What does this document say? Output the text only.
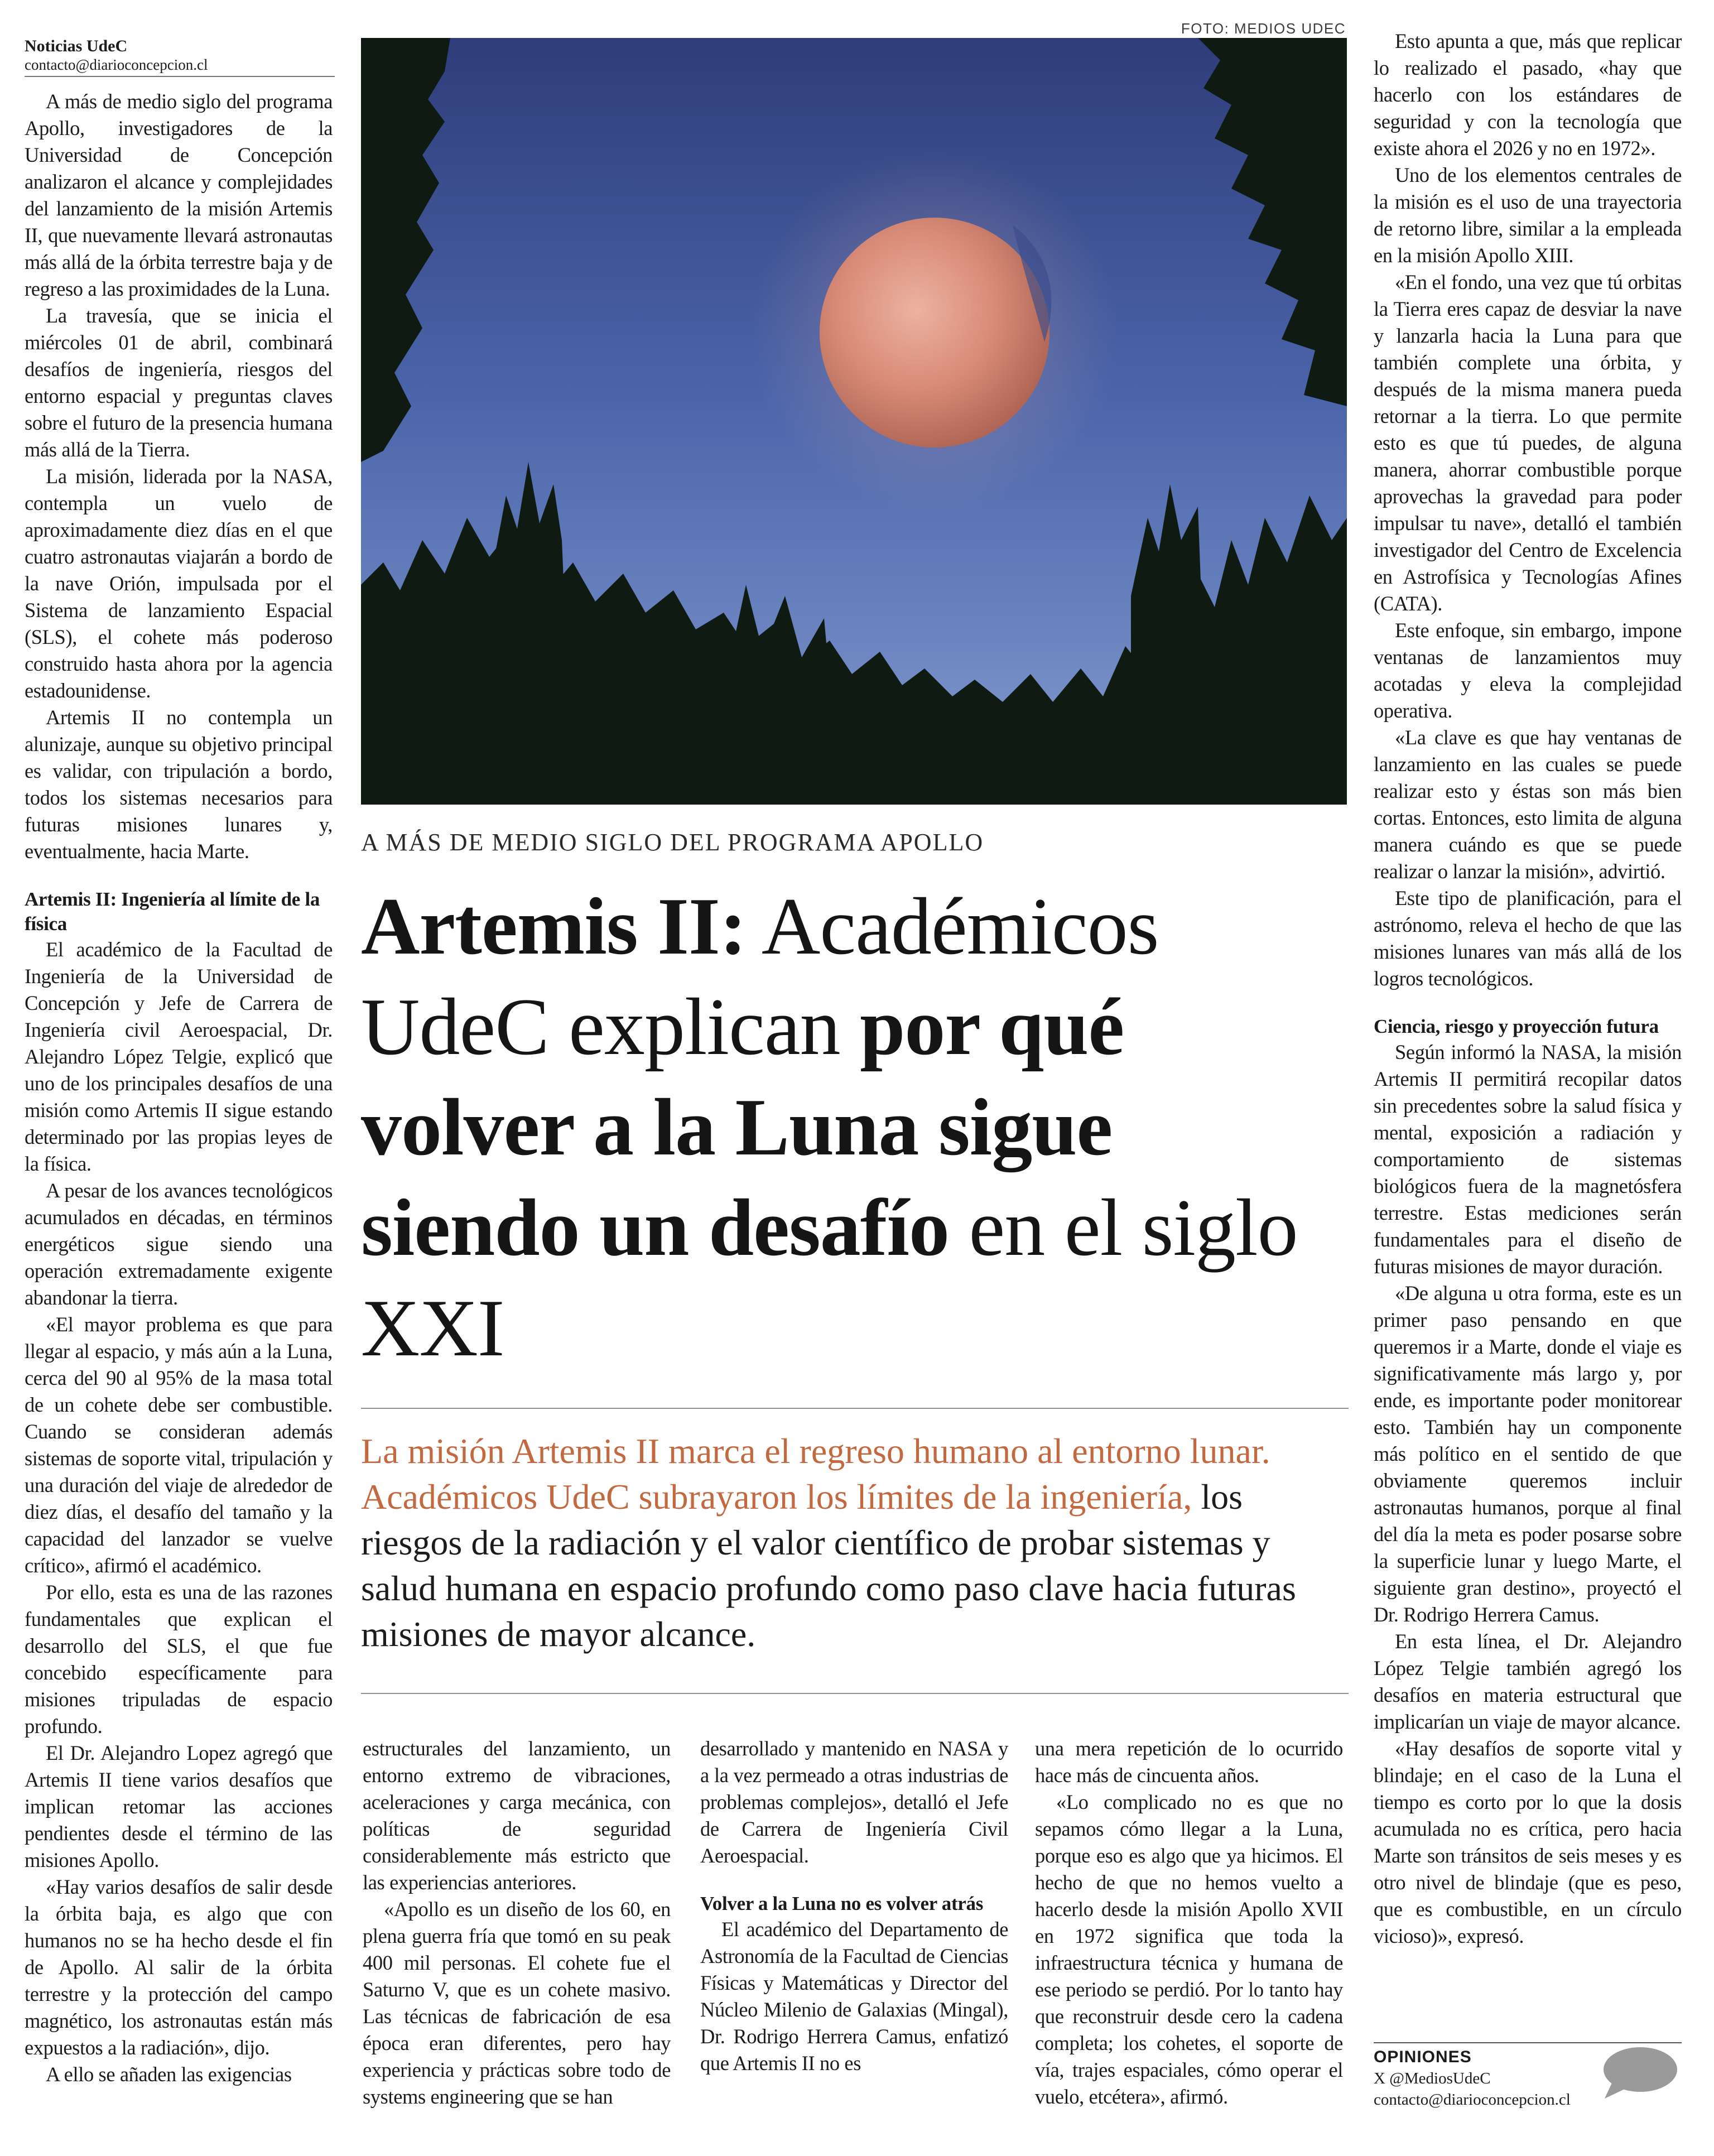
Noticias UdeC
contacto@diarioconcepcion.cl

A más de medio siglo del programa Apollo, investigadores de la Universidad de Concepción analizaron el alcance y complejidades del lanzamiento de la misión Artemis II, que nuevamente llevará astronautas más allá de la órbita terrestre baja y de regreso a las proximidades de la Luna.

La travesía, que se inicia el miércoles 01 de abril, combinará desafíos de ingeniería, riesgos del entorno espacial y preguntas claves sobre el futuro de la presencia humana más allá de la Tierra.

La misión, liderada por la NASA, contempla un vuelo de aproximadamente diez días en el que cuatro astronautas viajarán a bordo de la nave Orión, impulsada por el Sistema de lanzamiento Espacial (SLS), el cohete más poderoso construido hasta ahora por la agencia estadounidense.

Artemis II no contempla un alunizaje, aunque su objetivo principal es validar, con tripulación a bordo, todos los sistemas necesarios para futuras misiones lunares y, eventualmente, hacia Marte.

Artemis II: Ingeniería al límite de la física

El académico de la Facultad de Ingeniería de la Universidad de Concepción y Jefe de Carrera de Ingeniería civil Aeroespacial, Dr. Alejandro López Telgie, explicó que uno de los principales desafíos de una misión como Artemis II sigue estando determinado por las propias leyes de la física.

A pesar de los avances tecnológicos acumulados en décadas, en términos energéticos sigue siendo una operación extremadamente exigente abandonar la tierra.

«El mayor problema es que para llegar al espacio, y más aún a la Luna, cerca del 90 al 95% de la masa total de un cohete debe ser combustible. Cuando se consideran además sistemas de soporte vital, tripulación y una duración del viaje de alrededor de diez días, el desafío del tamaño y la capacidad del lanzador se vuelve crítico», afirmó el académico.

Por ello, esta es una de las razones fundamentales que explican el desarrollo del SLS, el que fue concebido específicamente para misiones tripuladas de espacio profundo.

El Dr. Alejandro Lopez agregó que Artemis II tiene varios desafíos que implican retomar las acciones pendientes desde el término de las misiones Apollo.

«Hay varios desafíos de salir desde la órbita baja, es algo que con humanos no se ha hecho desde el fin de Apollo. Al salir de la órbita terrestre y la protección del campo magnético, los astronautas están más expuestos a la radiación», dijo.

A ello se añaden las exigencias

FOTO: MEDIOS UDEC
A MÁS DE MEDIO SIGLO DEL PROGRAMA APOLLO
Artemis II: Académicos UdeC explican por qué volver a la Luna sigue siendo un desafío en el siglo XXI
La misión Artemis II marca el regreso humano al entorno lunar. Académicos UdeC subrayaron los límites de la ingeniería, los riesgos de la radiación y el valor científico de probar sistemas y salud humana en espacio profundo como paso clave hacia futuras misiones de mayor alcance.

estructurales del lanzamiento, un entorno extremo de vibraciones, aceleraciones y carga mecánica, con políticas de seguridad considerablemente más estricto que las experiencias anteriores.

«Apollo es un diseño de los 60, en plena guerra fría que tomó en su peak 400 mil personas. El cohete fue el Saturno V, que es un cohete masivo. Las técnicas de fabricación de esa época eran diferentes, pero hay experiencia y prácticas sobre todo de systems engineering que se han

desarrollado y mantenido en NASA y a la vez permeado a otras industrias de problemas complejos», detalló el Jefe de Carrera de Ingeniería Civil Aeroespacial.

Volver a la Luna no es volver atrás

El académico del Departamento de Astronomía de la Facultad de Ciencias Físicas y Matemáticas y Director del Núcleo Milenio de Galaxias (Mingal), Dr. Rodrigo Herrera Camus, enfatizó que Artemis II no es

una mera repetición de lo ocurrido hace más de cincuenta años.

«Lo complicado no es que no sepamos cómo llegar a la Luna, porque eso es algo que ya hicimos. El hecho de que no hemos vuelto a hacerlo desde la misión Apollo XVII en 1972 significa que toda la infraestructura técnica y humana de ese periodo se perdió. Por lo tanto hay que reconstruir desde cero la cadena completa; los cohetes, el soporte de vía, trajes espaciales, cómo operar el vuelo, etcétera», afirmó.

Esto apunta a que, más que replicar lo realizado el pasado, «hay que hacerlo con los estándares de seguridad y con la tecnología que existe ahora el 2026 y no en 1972».

Uno de los elementos centrales de la misión es el uso de una trayectoria de retorno libre, similar a la empleada en la misión Apollo XIII.

«En el fondo, una vez que tú orbitas la Tierra eres capaz de desviar la nave y lanzarla hacia la Luna para que también complete una órbita, y después de la misma manera pueda retornar a la tierra. Lo que permite esto es que tú puedes, de alguna manera, ahorrar combustible porque aprovechas la gravedad para poder impulsar tu nave», detalló el también investigador del Centro de Excelencia en Astrofísica y Tecnologías Afines (CATA).

Este enfoque, sin embargo, impone ventanas de lanzamientos muy acotadas y eleva la complejidad operativa.

«La clave es que hay ventanas de lanzamiento en las cuales se puede realizar esto y éstas son más bien cortas. Entonces, esto limita de alguna manera cuándo es que se puede realizar o lanzar la misión», advirtió.

Este tipo de planificación, para el astrónomo, releva el hecho de que las misiones lunares van más allá de los logros tecnológicos.

Ciencia, riesgo y proyección futura

Según informó la NASA, la misión Artemis II permitirá recopilar datos sin precedentes sobre la salud física y mental, exposición a radiación y comportamiento de sistemas biológicos fuera de la magnetósfera terrestre. Estas mediciones serán fundamentales para el diseño de futuras misiones de mayor duración.

«De alguna u otra forma, este es un primer paso pensando en que queremos ir a Marte, donde el viaje es significativamente más largo y, por ende, es importante poder monitorear esto. También hay un componente más político en el sentido de que obviamente queremos incluir astronautas humanos, porque al final del día la meta es poder posarse sobre la superficie lunar y luego Marte, el siguiente gran destino», proyectó el Dr. Rodrigo Herrera Camus.

En esta línea, el Dr. Alejandro López Telgie también agregó los desafíos en materia estructural que implicarían un viaje de mayor alcance.

«Hay desafíos de soporte vital y blindaje; en el caso de la Luna el tiempo es corto por lo que la dosis acumulada no es crítica, pero hacia Marte son tránsitos de seis meses y es otro nivel de blindaje (que es peso, que es combustible, en un círculo vicioso)», expresó.

OPINIONES
X @MediosUdeC
contacto@diarioconcepcion.cl
